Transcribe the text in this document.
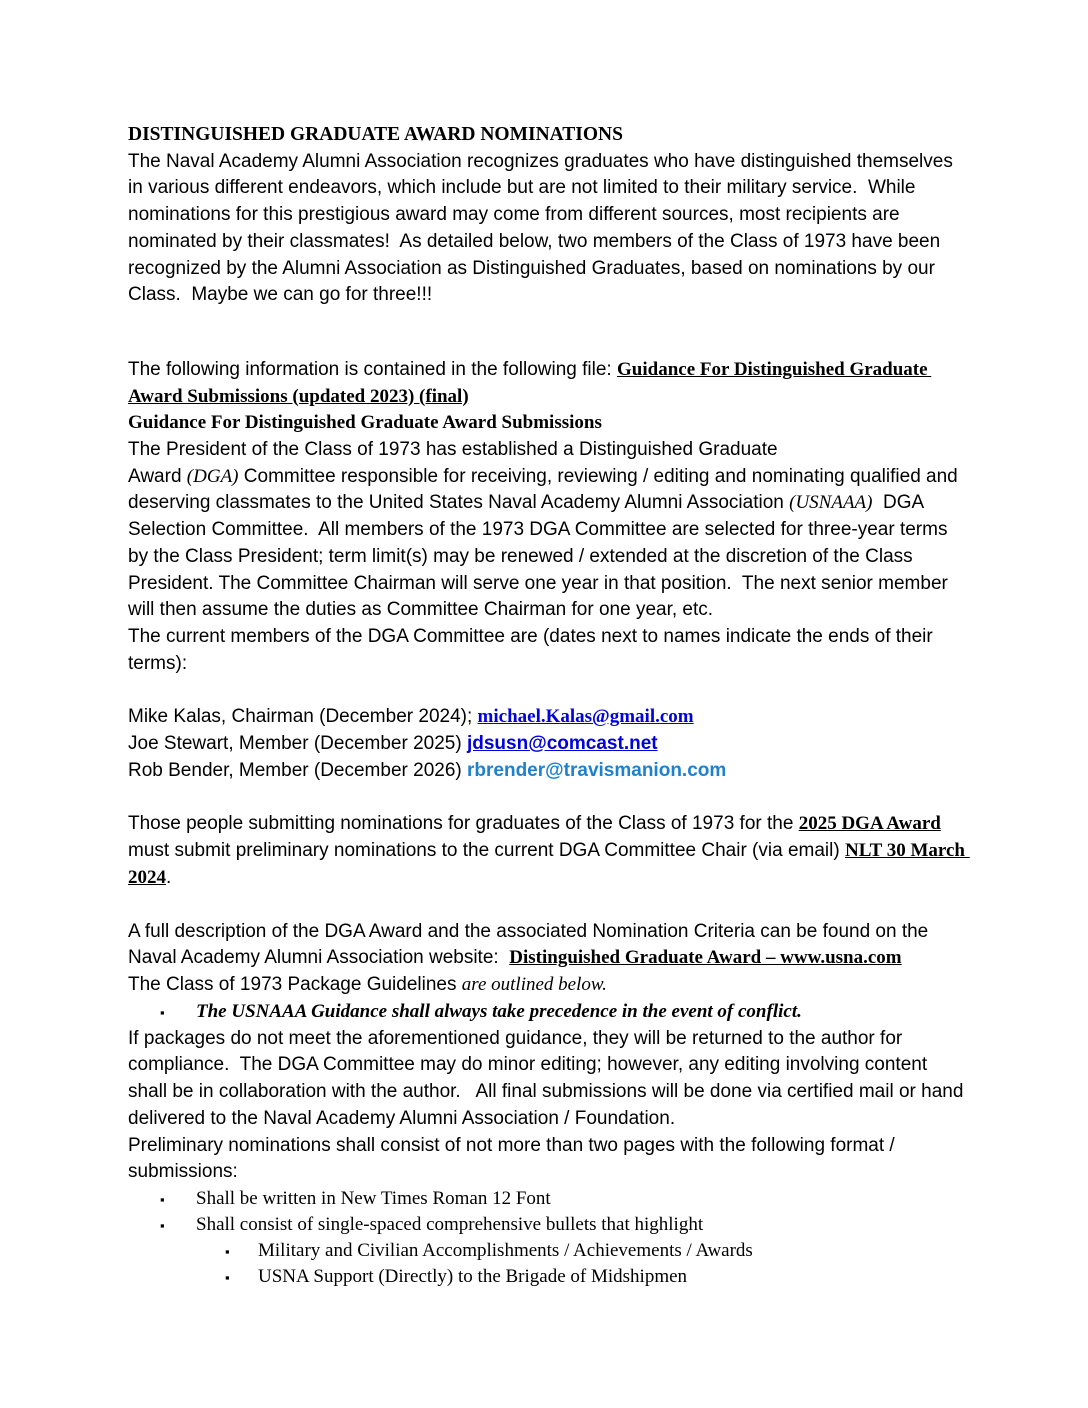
DISTINGUISHED GRADUATE AWARD NOMINATIONS

The Naval Academy Alumni Association recognizes graduates who have distinguished themselves in various different endeavors, which include but are not limited to their military service.  While nominations for this prestigious award may come from different sources, most recipients are nominated by their classmates!  As detailed below, two members of the Class of 1973 have been recognized by the Alumni Association as Distinguished Graduates, based on nominations by our Class.  Maybe we can go for three!!!

The following information is contained in the following file: Guidance For Distinguished Graduate Award Submissions (updated 2023) (final)

Guidance For Distinguished Graduate Award Submissions

The President of the Class of 1973 has established a Distinguished Graduate
Award (DGA) Committee responsible for receiving, reviewing / editing and nominating qualified and deserving classmates to the United States Naval Academy Alumni Association (USNAAA)  DGA Selection Committee.  All members of the 1973 DGA Committee are selected for three-year terms by the Class President; term limit(s) may be renewed / extended at the discretion of the Class President. The Committee Chairman will serve one year in that position.  The next senior member will then assume the duties as Committee Chairman for one year, etc.

The current members of the DGA Committee are (dates next to names indicate the ends of their terms):

Mike Kalas, Chairman (December 2024); michael.Kalas@gmail.com

Joe Stewart, Member (December 2025) jdsusn@comcast.net

Rob Bender, Member (December 2026) rbrender@travismanion.com

Those people submitting nominations for graduates of the Class of 1973 for the 2025 DGA Award must submit preliminary nominations to the current DGA Committee Chair (via email) NLT 30 March 2024.

A full description of the DGA Award and the associated Nomination Criteria can be found on the Naval Academy Alumni Association website:  Distinguished Graduate Award – www.usna.com

The Class of 1973 Package Guidelines are outlined below.

▪	The USNAAA Guidance shall always take precedence in the event of conflict.

If packages do not meet the aforementioned guidance, they will be returned to the author for compliance.  The DGA Committee may do minor editing; however, any editing involving content shall be in collaboration with the author.   All final submissions will be done via certified mail or hand delivered to the Naval Academy Alumni Association / Foundation.

Preliminary nominations shall consist of not more than two pages with the following format / submissions:

▪	Shall be written in New Times Roman 12 Font
▪	Shall consist of single-spaced comprehensive bullets that highlight
▪	Military and Civilian Accomplishments / Achievements / Awards
▪	USNA Support (Directly) to the Brigade of Midshipmen
